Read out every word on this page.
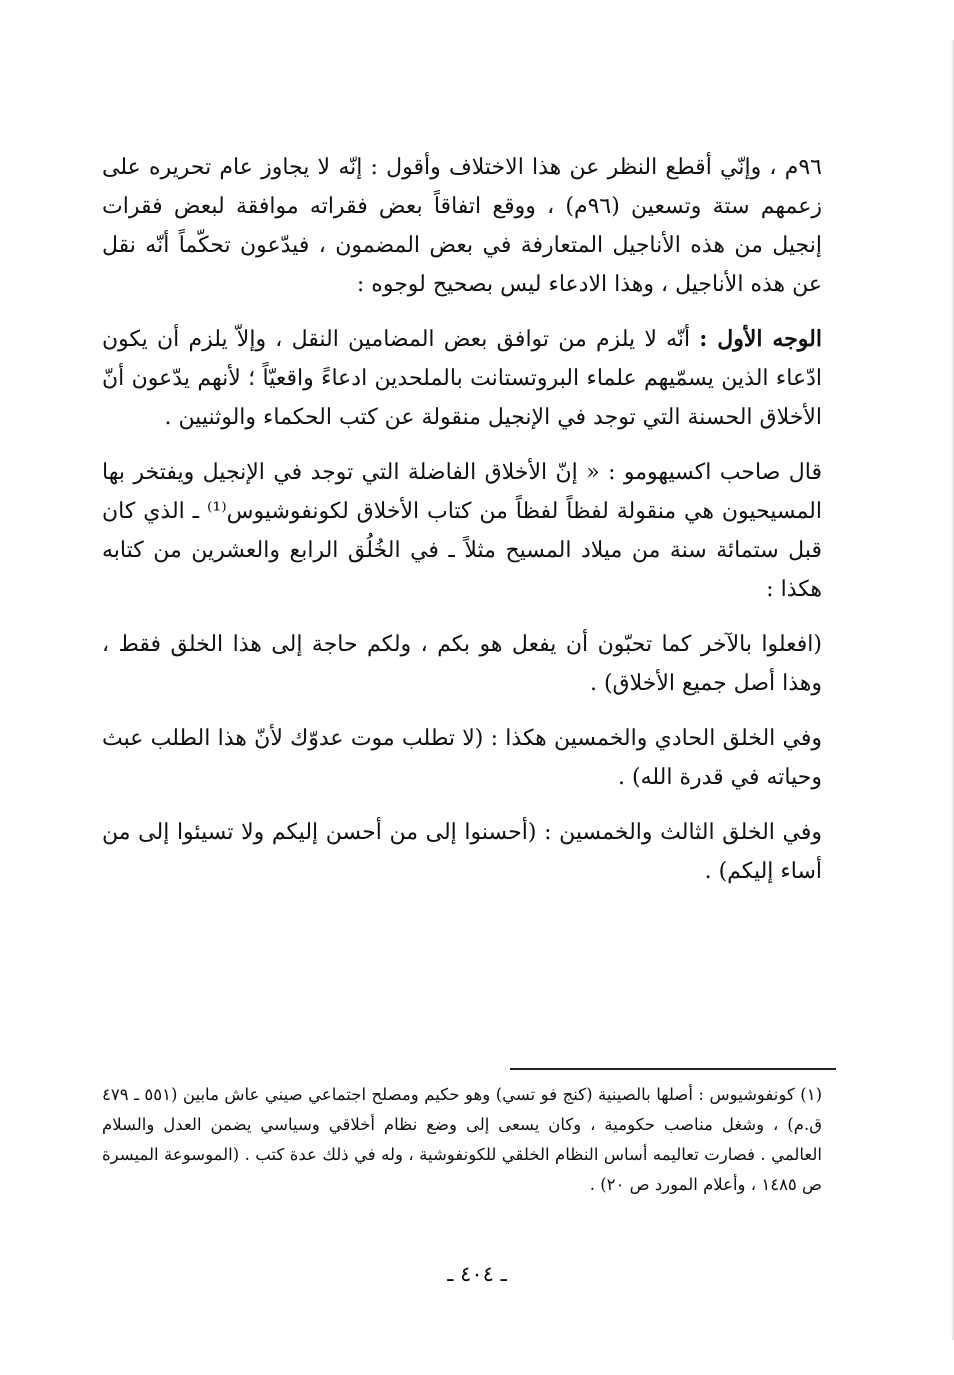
٩٦م ، وإنّي أقطع النظر عن هذا الاختلاف وأقول : إنّه لا يجاوز عام تحريره على زعمهم ستة وتسعين (٩٦م) ، ووقع اتفاقاً بعض فقراته موافقة لبعض فقرات إنجيل من هذه الأناجيل المتعارفة في بعض المضمون ، فيدّعون تحكّماً أنّه نقل عن هذه الأناجيل ، وهذا الادعاء ليس بصحيح لوجوه :

الوجه الأول : أنّه لا يلزم من توافق بعض المضامين النقل ، وإلاّ يلزم أن يكون ادّعاء الذين يسمّيهم علماء البروتستانت بالملحدين ادعاءً واقعيّاً ؛ لأنهم يدّعون أنّ الأخلاق الحسنة التي توجد في الإنجيل منقولة عن كتب الحكماء والوثنيين .

قال صاحب اكسيهومو : « إنّ الأخلاق الفاضلة التي توجد في الإنجيل ويفتخر بها المسيحيون هي منقولة لفظاً لفظاً من كتاب الأخلاق لكونفوشيوس⁽¹⁾ ـ الذي كان قبل ستمائة سنة من ميلاد المسيح مثلاً ـ في الخُلُق الرابع والعشرين من كتابه هكذا :

(افعلوا بالآخر كما تحبّون أن يفعل هو بكم ، ولكم حاجة إلى هذا الخلق فقط ، وهذا أصل جميع الأخلاق) .

وفي الخلق الحادي والخمسين هكذا : (لا تطلب موت عدوّك لأنّ هذا الطلب عبث وحياته في قدرة الله) .

وفي الخلق الثالث والخمسين : (أحسنوا إلى من أحسن إليكم ولا تسيئوا إلى من أساء إليكم) .

(١) كونفوشيوس : أصلها بالصينية (كنج فو تسي) وهو حكيم ومصلح اجتماعي صيني عاش مابين (٥٥١ ـ ٤٧٩ ق.م) ، وشغل مناصب حكومية ، وكان يسعى إلى وضع نظام أخلاقي وسياسي يضمن العدل والسلام العالمي . فصارت تعاليمه أساس النظام الخلقي للكونفوشية ، وله في ذلك عدة كتب . (الموسوعة الميسرة ص ١٤٨٥ ، وأعلام المورد ص ٢٠) .

ـ ٤٠٤ ـ
